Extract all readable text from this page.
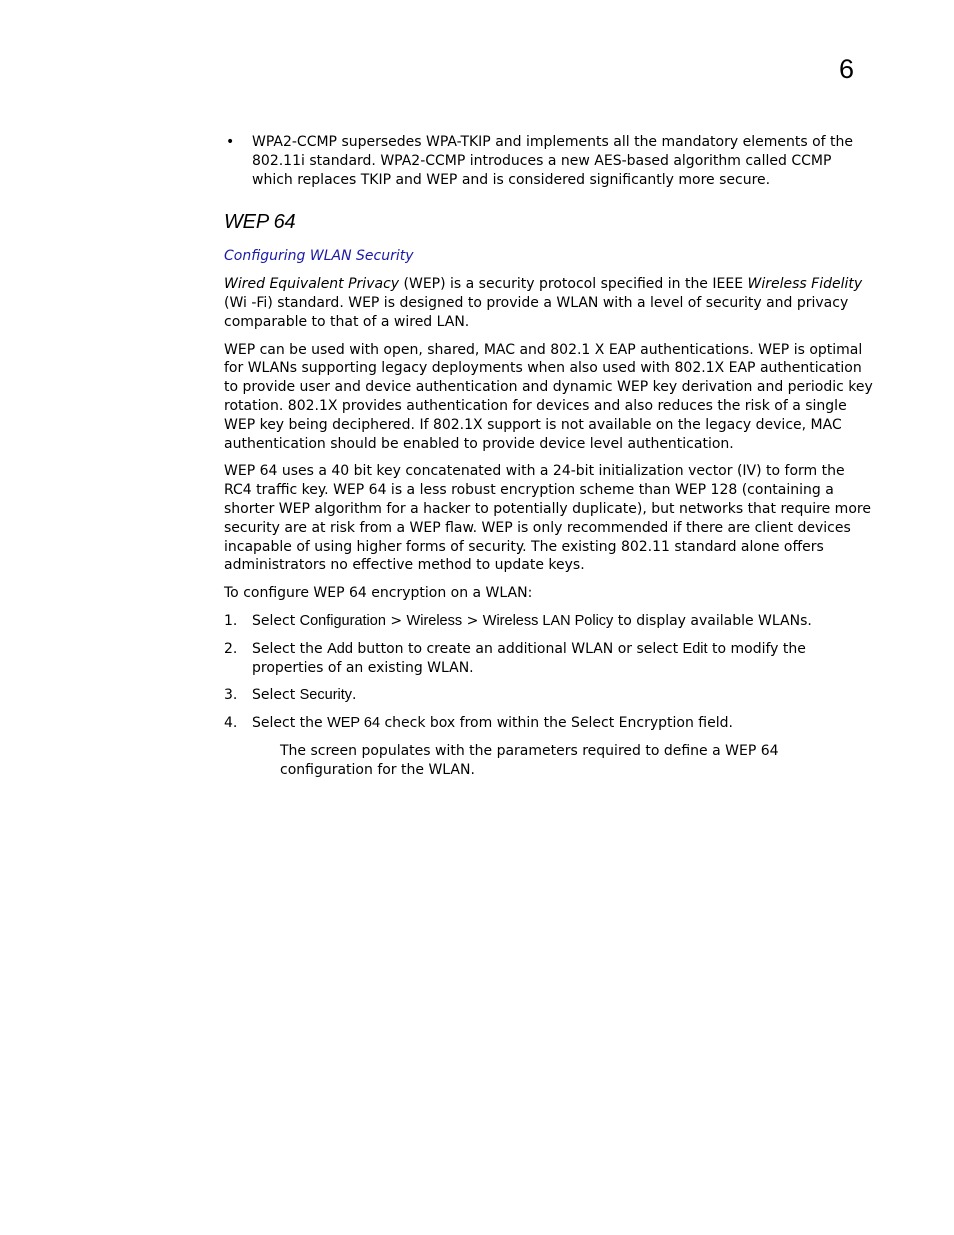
6
• WPA2-CCMP supersedes WPA-TKIP and implements all the mandatory elements of the 802.11i standard. WPA2-CCMP introduces a new AES-based algorithm called CCMP which replaces TKIP and WEP and is considered significantly more secure.
WEP 64
Configuring WLAN Security

Wired Equivalent Privacy (WEP) is a security protocol specified in the IEEE Wireless Fidelity (Wi -Fi) standard. WEP is designed to provide a WLAN with a level of security and privacy comparable to that of a wired LAN.

WEP can be used with open, shared, MAC and 802.1 X EAP authentications. WEP is optimal for WLANs supporting legacy deployments when also used with 802.1X EAP authentication to provide user and device authentication and dynamic WEP key derivation and periodic key rotation. 802.1X provides authentication for devices and also reduces the risk of a single WEP key being deciphered. If 802.1X support is not available on the legacy device, MAC authentication should be enabled to provide device level authentication.

WEP 64 uses a 40 bit key concatenated with a 24-bit initialization vector (IV) to form the RC4 traffic key. WEP 64 is a less robust encryption scheme than WEP 128 (containing a shorter WEP algorithm for a hacker to potentially duplicate), but networks that require more security are at risk from a WEP flaw. WEP is only recommended if there are client devices incapable of using higher forms of security. The existing 802.11 standard alone offers administrators no effective method to update keys.

To configure WEP 64 encryption on a WLAN:

1. Select Configuration > Wireless > Wireless LAN Policy to display available WLANs.
2. Select the Add button to create an additional WLAN or select Edit to modify the properties of an existing WLAN.
3. Select Security.
4. Select the WEP 64 check box from within the Select Encryption field.

The screen populates with the parameters required to define a WEP 64 configuration for the WLAN.
